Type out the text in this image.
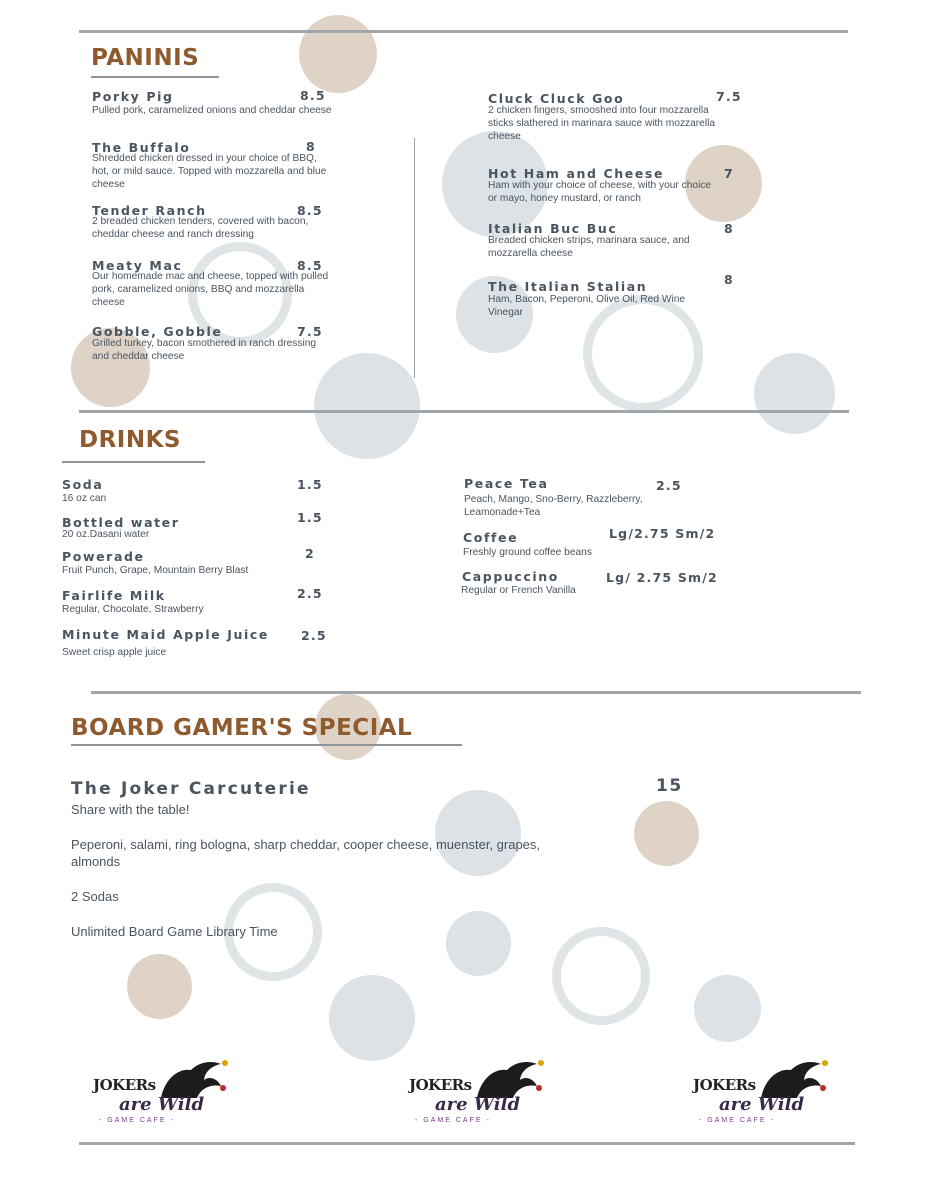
PANINIS
Porky Pig	8.5
Pulled pork, caramelized onions and cheddar cheese
The Buffalo	8
Shredded chicken dressed in your choice of BBQ, hot, or mild sauce. Topped with mozzarella and blue cheese
Tender Ranch	8.5
2 breaded chicken tenders, covered with bacon, cheddar cheese and ranch dressing
Meaty Mac	8.5
Our homemade mac and cheese, topped with pulled pork, caramelized onions, BBQ and mozzarella cheese
Gobble, Gobble	7.5
Grilled turkey, bacon smothered in ranch dressing and cheddar cheese
Cluck Cluck Goo	7.5
2 chicken fingers, smooshed into four mozzarella sticks slathered in marinara sauce with mozzarella cheese
Hot Ham and Cheese	7
Ham with your choice of cheese, with your choice or mayo, honey mustard, or ranch
Italian Buc Buc	8
Breaded chicken strips, marinara sauce, and mozzarella cheese
The Italian Stalian	8
Ham, Bacon, Peperoni, Olive Oil, Red Wine Vinegar
DRINKS
Soda	1.5
16 oz can
Bottled water	1.5
20 oz.Dasani water
Powerade	2
Fruit Punch, Grape, Mountain Berry Blast
Fairlife Milk	2.5
Regular, Chocolate, Strawberry
Minute Maid Apple Juice	2.5
Sweet crisp apple juice
Peace Tea	2.5
Peach, Mango, Sno-Berry, Razzleberry, Leamonade+Tea
Coffee	Lg/2.75 Sm/2
Freshly ground coffee beans
Cappuccino	Lg/ 2.75 Sm/2
Regular or French Vanilla
BOARD GAMER'S SPECIAL
The Joker Carcuterie	15
Share with the table!
Peperoni, salami, ring bologna, sharp cheddar, cooper cheese, muenster, grapes, almonds
2 Sodas
Unlimited Board Game Library Time
JOKERs
are Wild
- GAME CAFE -
JOKERs
are Wild
- GAME CAFE -
JOKERs
are Wild
- GAME CAFE -
